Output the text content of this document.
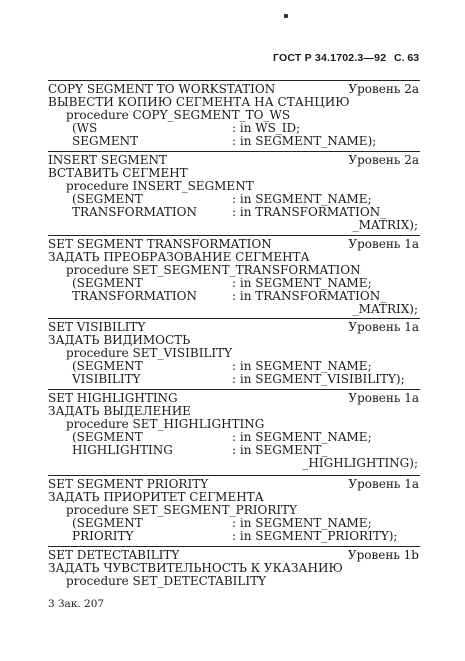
ГОСТ Р 34.1702.3—92 С. 63
COPY SEGMENT TO WORKSTATION	Уровень 2а
ВЫВЕСТИ КОПИЮ СЕГМЕНТА НА СТАНЦИЮ
procedure COPY_SEGMENT_TO_WS
(WS	: in WS_ID;
SEGMENT	: in SEGMENT_NAME);
INSERT SEGMENT	Уровень 2а
ВСТАВИТЬ СЕГМЕНТ
procedure INSERT_SEGMENT
(SEGMENT	: in SEGMENT_NAME;
TRANSFORMATION	: in TRANSFORMATION_
_MATRIX);
SET SEGMENT TRANSFORMATION	Уровень 1а
ЗАДАТЬ ПРЕОБРАЗОВАНИЕ СЕГМЕНТА
procedure SET_SEGMENT_TRANSFORMATION
(SEGMENT	: in SEGMENT_NAME;
TRANSFORMATION	: in TRANSFORMATION_
_MATRIX);
SET VISIBILITY	Уровень 1а
ЗАДАТЬ ВИДИМОСТЬ
procedure SET_VISIBILITY
(SEGMENT	: in SEGMENT_NAME;
VISIBILITY	: in SEGMENT_VISIBILITY);
SET HIGHLIGHTING	Уровень 1а
ЗАДАТЬ ВЫДЕЛЕНИЕ
procedure SET_HIGHLIGHTING
(SEGMENT	: in SEGMENT_NAME;
HIGHLIGHTING	: in SEGMENT_
_HIGHLIGHTING);
SET SEGMENT PRIORITY	Уровень 1а
ЗАДАТЬ ПРИОРИТЕТ СЕГМЕНТА
procedure SET_SEGMENT_PRIORITY
(SEGMENT	: in SEGMENT_NAME;
PRIORITY	: in SEGMENT_PRIORITY);
SET DETECTABILITY	Уровень 1b
ЗАДАТЬ ЧУВСТВИТЕЛЬНОСТЬ К УКАЗАНИЮ
procedure SET_DETECTABILITY
3 Зак. 207
